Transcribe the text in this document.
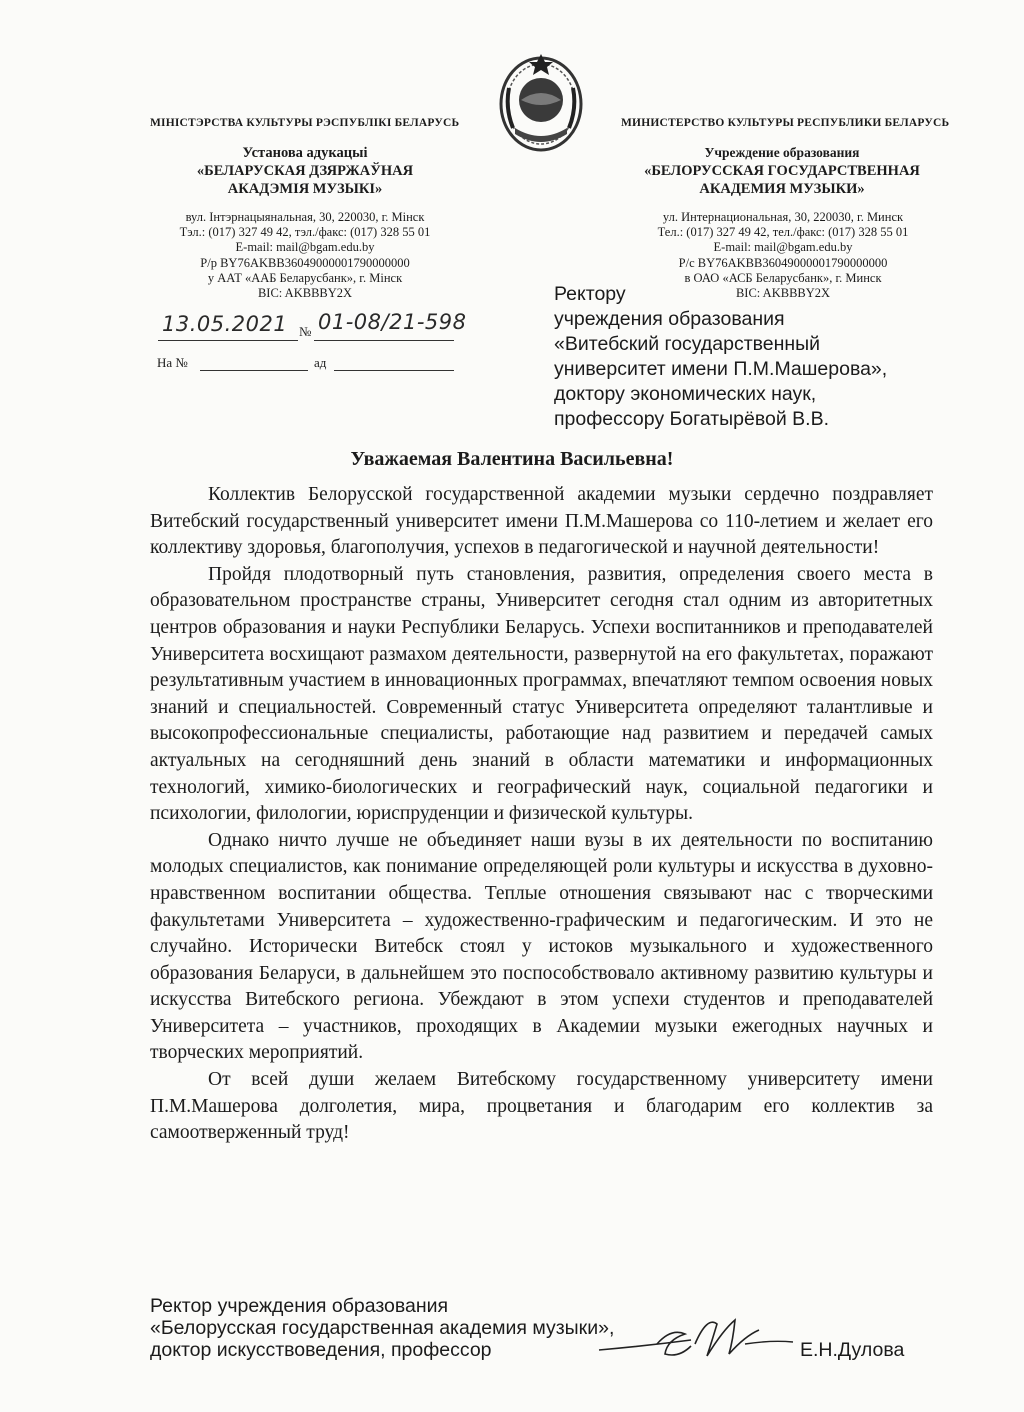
МІНІСТЭРСТВА КУЛЬТУРЫ РЭСПУБЛІКІ БЕЛАРУСЬ
Установа адукацыі
«БЕЛАРУСКАЯ ДЗЯРЖАЎНАЯ
АКАДЭМІЯ МУЗЫКІ»
вул. Інтэрнацыянальная, 30, 220030, г. Мінск
Тэл.: (017) 327 49 42, тэл./факс: (017) 328 55 01
E-mail: mail@bgam.edu.by
Р/р BY76AKBB36049000001790000000
у ААТ «ААБ Беларусбанк», г. Мінск
BIC: AKBBBY2X
13.05.2021 № 01-08/21-598
На №	ад
МИНИСТЕРСТВО КУЛЬТУРЫ РЕСПУБЛИКИ БЕЛАРУСЬ
Учреждение образования
«БЕЛОРУССКАЯ ГОСУДАРСТВЕННАЯ
АКАДЕМИЯ МУЗЫКИ»
ул. Интернациональная, 30, 220030, г. Минск
Тел.: (017) 327 49 42, тел./факс: (017) 328 55 01
E-mail: mail@bgam.edu.by
Р/с BY76AKBB36049000001790000000
в ОАО «АСБ Беларусбанк», г. Минск
BIC: AKBBBY2X
Ректору
учреждения образования
«Витебский государственный
университет имени П.М.Машерова»,
доктору экономических наук,
профессору Богатырёвой В.В.
Уважаемая Валентина Васильевна!

Коллектив Белорусской государственной академии музыки сердечно поздравляет Витебский государственный университет имени П.М.Машерова со 110-летием и желает его коллективу здоровья, благополучия, успехов в педагогической и научной деятельности!

Пройдя плодотворный путь становления, развития, определения своего места в образовательном пространстве страны, Университет сегодня стал одним из авторитетных центров образования и науки Республики Беларусь. Успехи воспитанников и преподавателей Университета восхищают размахом деятельности, развернутой на его факультетах, поражают результативным участием в инновационных программах, впечатляют темпом освоения новых знаний и специальностей. Современный статус Университета определяют талантливые и высокопрофессиональные специалисты, работающие над развитием и передачей самых актуальных на сегодняшний день знаний в области математики и информационных технологий, химико-биологических и географический наук, социальной педагогики и психологии, филологии, юриспруденции и физической культуры.

Однако ничто лучше не объединяет наши вузы в их деятельности по воспитанию молодых специалистов, как понимание определяющей роли культуры и искусства в духовно-нравственном воспитании общества. Теплые отношения связывают нас с творческими факультетами Университета – художественно-графическим и педагогическим. И это не случайно. Исторически Витебск стоял у истоков музыкального и художественного образования Беларуси, в дальнейшем это поспособствовало активному развитию культуры и искусства Витебского региона. Убеждают в этом успехи студентов и преподавателей Университета – участников, проходящих в Академии музыки ежегодных научных и творческих мероприятий.

От всей души желаем Витебскому государственному университету имени П.М.Машерова долголетия, мира, процветания и благодарим его коллектив за самоотверженный труд!

Ректор учреждения образования
«Белорусская государственная академия музыки»,
доктор искусствоведения, профессор	Е.Н.Дулова
